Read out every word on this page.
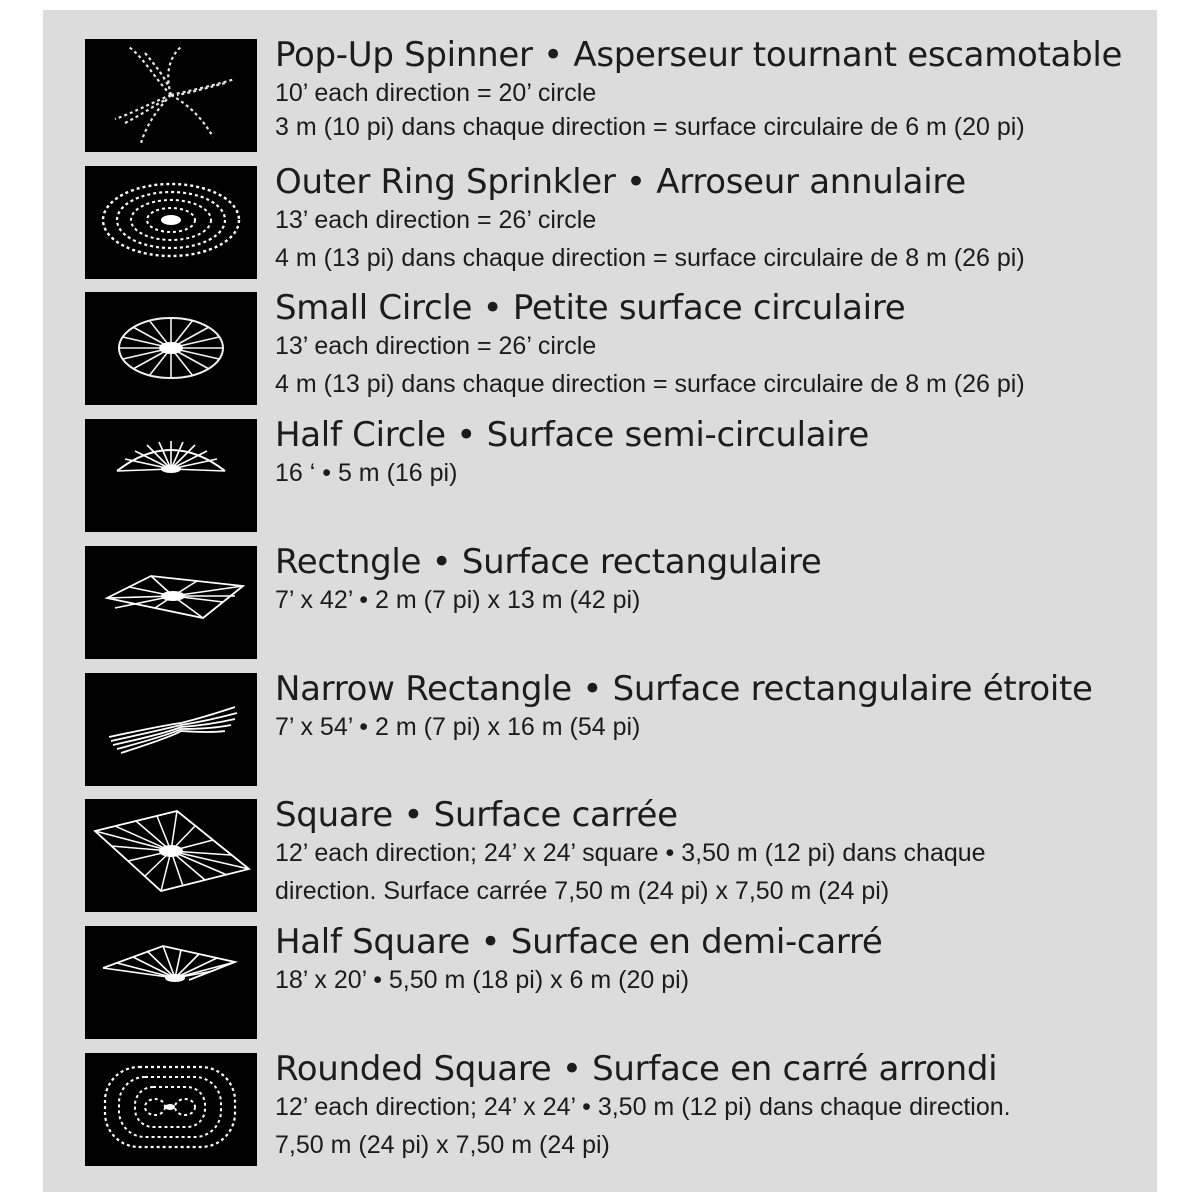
Pop-Up Spinner • Asperseur tournant escamotable
10’ each direction = 20’ circle
3 m (10 pi) dans chaque direction = surface circulaire de 6 m (20 pi)
Outer Ring Sprinkler • Arroseur annulaire
13’ each direction = 26’ circle
4 m (13 pi) dans chaque direction = surface circulaire de 8 m (26 pi)
Small Circle • Petite surface circulaire
13’ each direction = 26’ circle
4 m (13 pi) dans chaque direction = surface circulaire de 8 m (26 pi)
Half Circle • Surface semi-circulaire
16 ‘ • 5 m (16 pi)
Rectngle • Surface rectangulaire
7’ x 42’ • 2 m (7 pi) x 13 m (42 pi)
Narrow Rectangle • Surface rectangulaire étroite
7’ x 54’ • 2 m (7 pi) x 16 m (54 pi)
Square • Surface carrée
12’ each direction; 24’ x 24’ square • 3,50 m (12 pi) dans chaque
direction. Surface carrée 7,50 m (24 pi) x 7,50 m (24 pi)
Half Square • Surface en demi-carré
18’ x 20’ • 5,50 m (18 pi) x 6 m (20 pi)
Rounded Square • Surface en carré arrondi
12’ each direction; 24’ x 24’ • 3,50 m (12 pi) dans chaque direction.
7,50 m (24 pi) x 7,50 m (24 pi)
